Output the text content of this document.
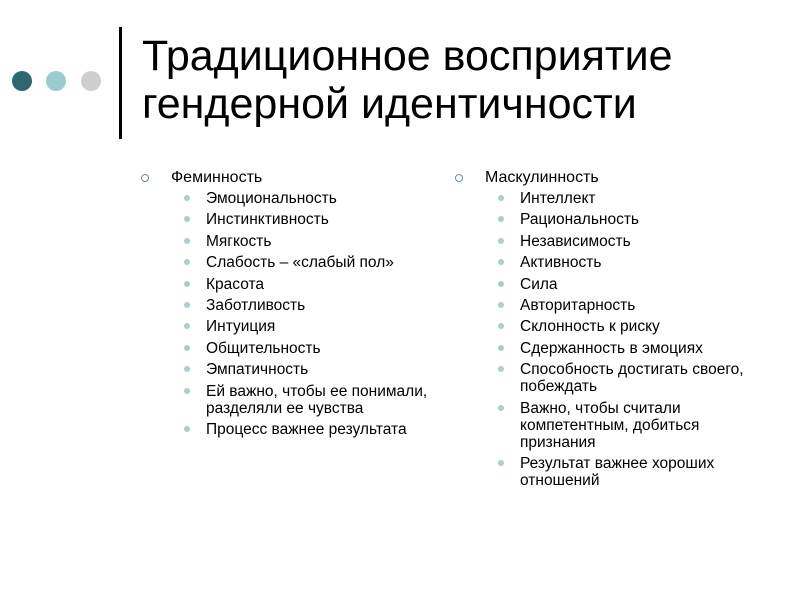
Традиционное восприятие
гендерной идентичности
Феминность
Эмоциональность
Инстинктивность
Мягкость
Слабость – «слабый пол»
Красота
Заботливость
Интуиция
Общительность
Эмпатичность
Ей важно, чтобы ее понимали, разделяли ее чувства
Процесс важнее результата
Маскулинность
Интеллект
Рациональность
Независимость
Активность
Сила
Авторитарность
Склонность к риску
Сдержанность в эмоциях
Способность достигать своего, побеждать
Важно, чтобы считали компетентным, добиться признания
Результат важнее хороших отношений
